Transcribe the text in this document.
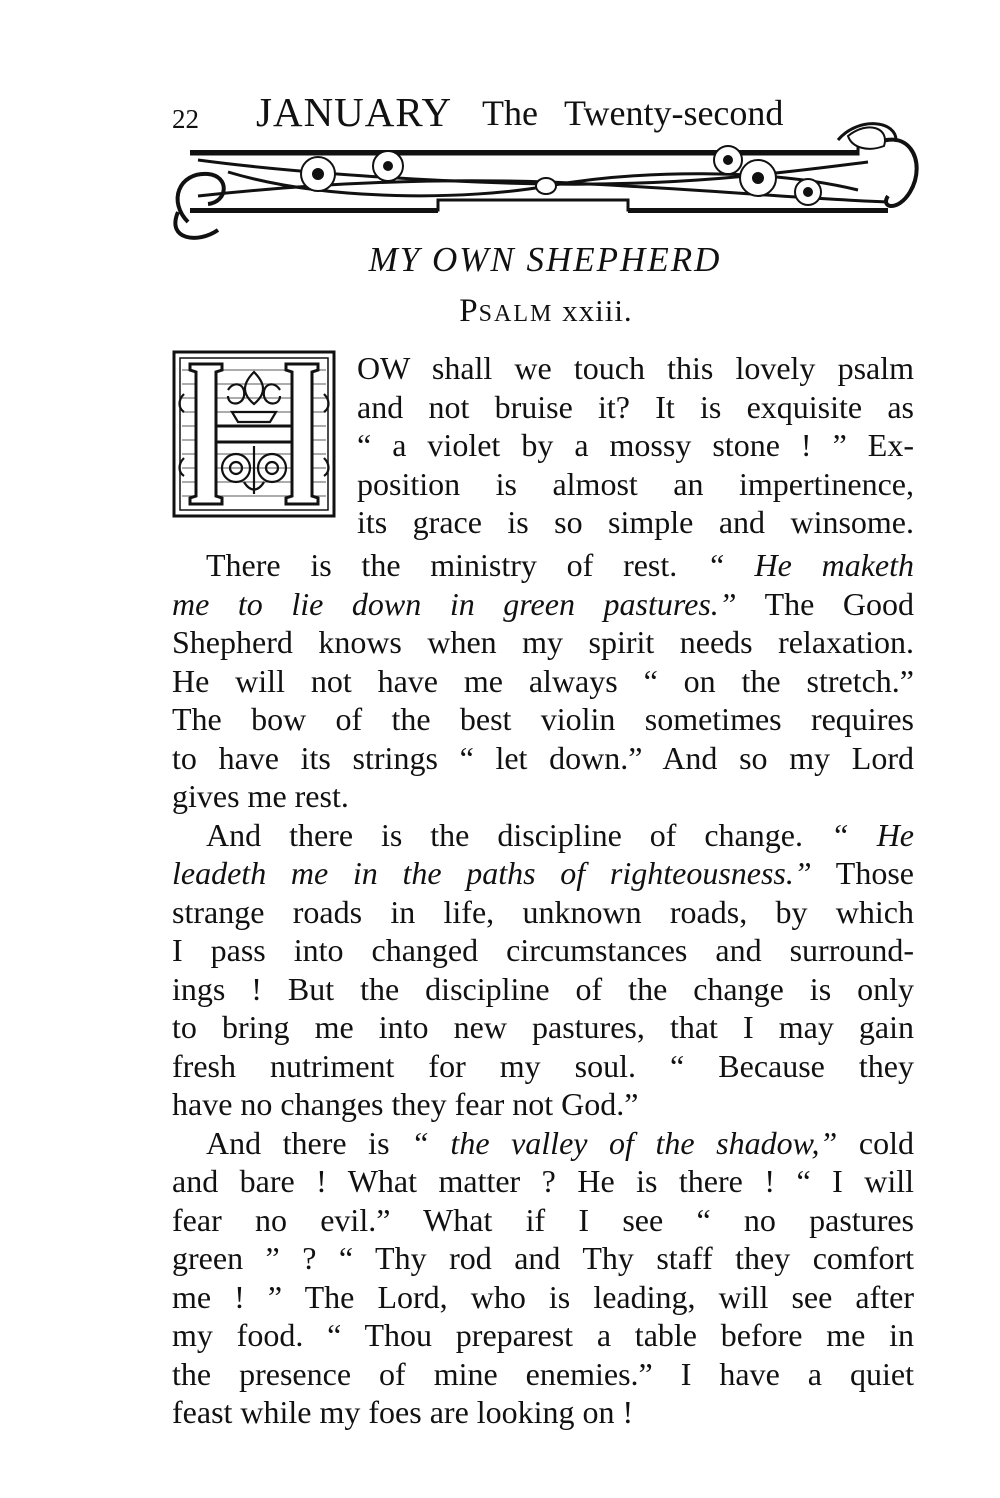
22 JANUARY The Twenty-second
MY OWN SHEPHERD
PSALM xxiii.
OW shall we touch this lovely psalm
and not bruise it? It is exquisite as
“ a violet by a mossy stone ! ” Ex-
position is almost an impertinence,
its grace is so simple and winsome.
There is the ministry of rest. “ He maketh
me to lie down in green pastures.” The Good
Shepherd knows when my spirit needs relaxation.
He will not have me always “ on the stretch.”
The bow of the best violin sometimes requires
to have its strings “ let down.” And so my Lord
gives me rest.
And there is the discipline of change. “ He
leadeth me in the paths of righteousness.” Those
strange roads in life, unknown roads, by which
I pass into changed circumstances and surround-
ings ! But the discipline of the change is only
to bring me into new pastures, that I may gain
fresh nutriment for my soul. “ Because they
have no changes they fear not God.”
And there is “ the valley of the shadow,” cold
and bare ! What matter ? He is there ! “ I will
fear no evil.” What if I see “ no pastures
green ” ? “ Thy rod and Thy staff they comfort
me ! ” The Lord, who is leading, will see after
my food. “ Thou preparest a table before me in
the presence of mine enemies.” I have a quiet
feast while my foes are looking on !
